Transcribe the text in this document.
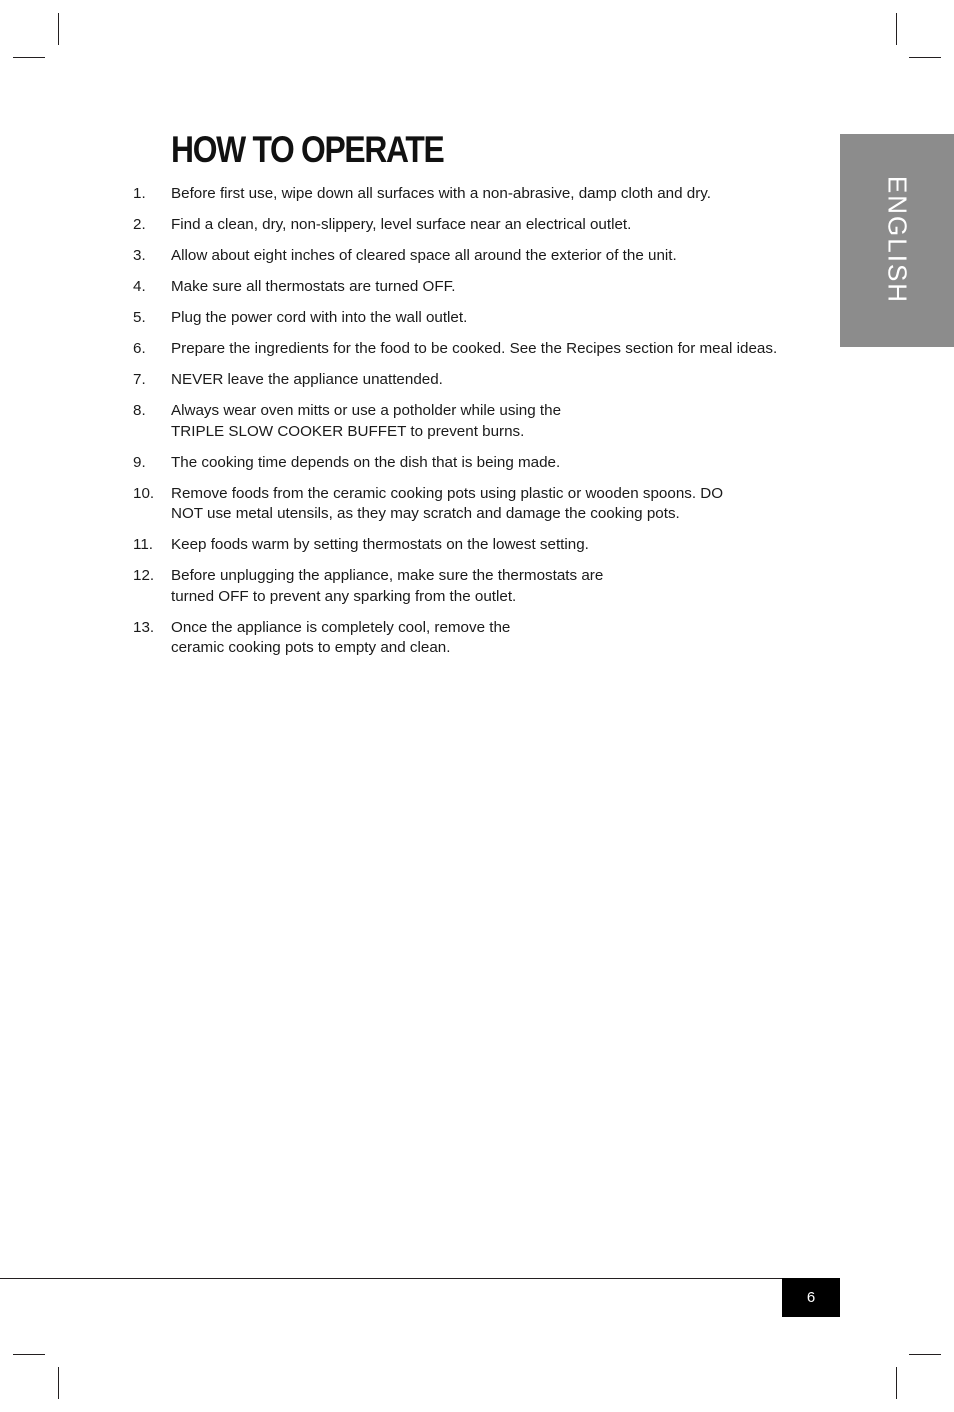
HOW TO OPERATE
1.	Before first use, wipe down all surfaces with a non-abrasive, damp cloth and dry.
2.	Find a clean, dry, non-slippery, level surface near an electrical outlet.
3.	Allow about eight inches of cleared space all around the exterior of the unit.
4.	Make sure all thermostats are turned OFF.
5.	Plug the power cord with into the wall outlet.
6.	Prepare the ingredients for the food to be cooked. See the Recipes section for meal ideas.
7.	NEVER leave the appliance unattended.
8.	Always wear oven mitts or use a potholder while using the
TRIPLE SLOW COOKER BUFFET to prevent burns.
9.	The cooking time depends on the dish that is being made.
10.	Remove foods from the ceramic cooking pots using plastic or wooden spoons. DO
NOT use metal utensils, as they may scratch and damage the cooking pots.
11.	Keep foods warm by setting thermostats on the lowest setting.
12.	Before unplugging the appliance, make sure the thermostats are
turned OFF to prevent any sparking from the outlet.
13.	Once the appliance is completely cool, remove the
ceramic cooking pots to empty and clean.
ENGLISH
6
